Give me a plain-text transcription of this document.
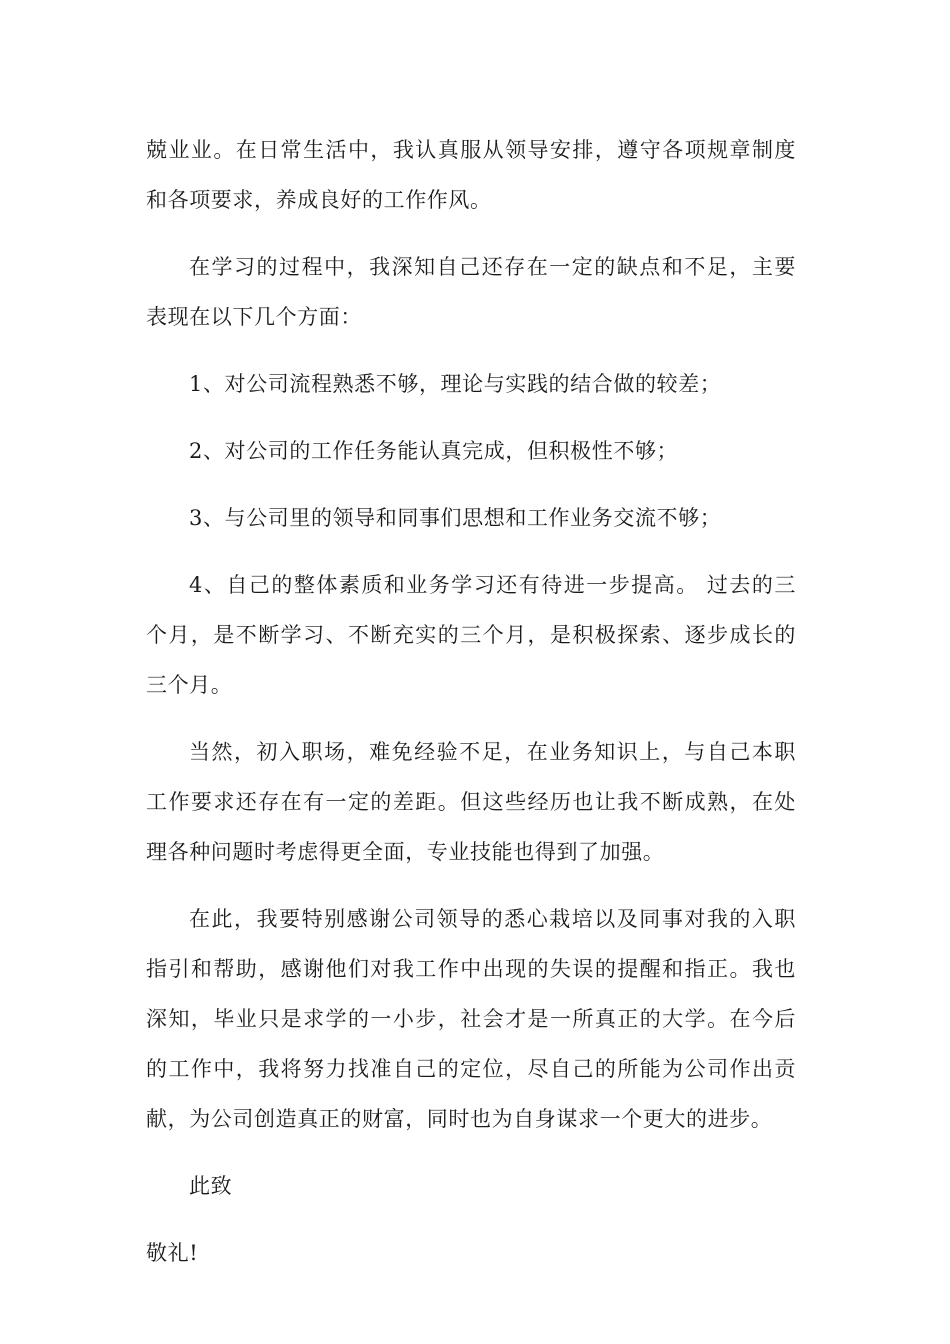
兢业业。在日常生活中，我认真服从领导安排，遵守各项规章制度
和各项要求，养成良好的工作作风。
在学习的过程中，我深知自己还存在一定的缺点和不足，主要
表现在以下几个方面：
1、对公司流程熟悉不够，理论与实践的结合做的较差；
2、对公司的工作任务能认真完成，但积极性不够；
3、与公司里的领导和同事们思想和工作业务交流不够；
4、自己的整体素质和业务学习还有待进一步提高。 过去的三
个月，是不断学习、不断充实的三个月，是积极探索、逐步成长的
三个月。
当然，初入职场，难免经验不足，在业务知识上，与自己本职
工作要求还存在有一定的差距。但这些经历也让我不断成熟，在处
理各种问题时考虑得更全面，专业技能也得到了加强。
在此，我要特别感谢公司领导的悉心栽培以及同事对我的入职
指引和帮助，感谢他们对我工作中出现的失误的提醒和指正。我也
深知，毕业只是求学的一小步，社会才是一所真正的大学。在今后
的工作中，我将努力找准自己的定位，尽自己的所能为公司作出贡
献，为公司创造真正的财富，同时也为自身谋求一个更大的进步。
此致
敬礼!
